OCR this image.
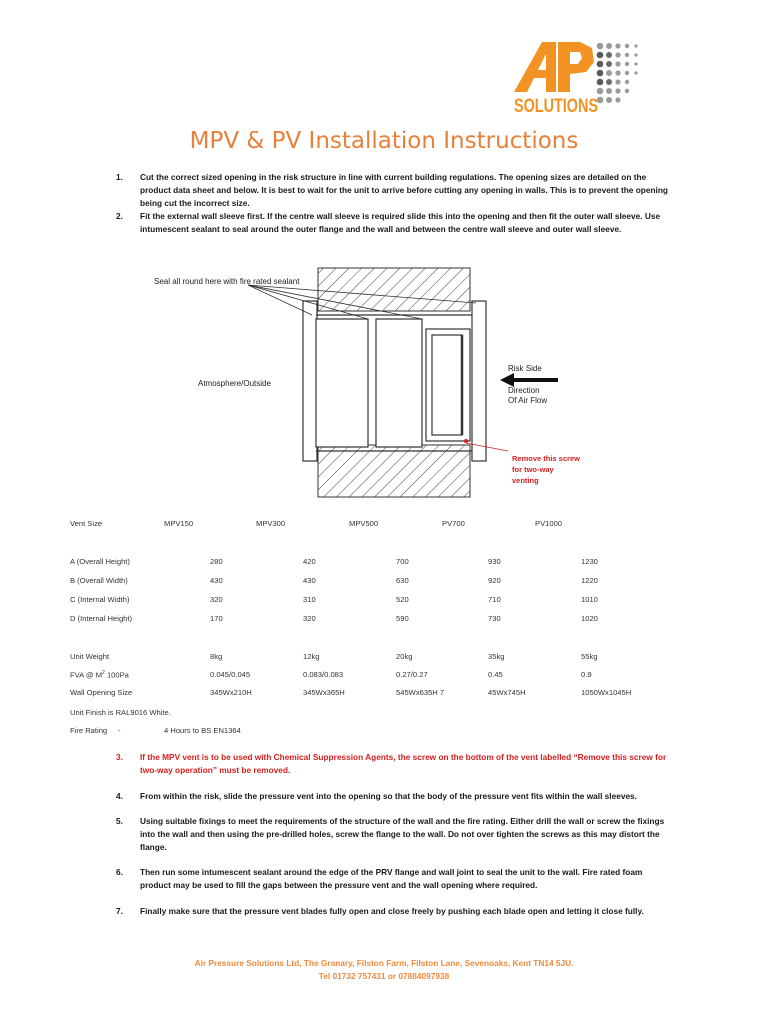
SOLUTIONS
MPV & PV Installation Instructions
1. Cut the correct sized opening in the risk structure in line with current building regulations. The opening sizes are detailed on the product data sheet and below. It is best to wait for the unit to arrive before cutting any opening in walls. This is to prevent the opening being cut the incorrect size.
2. Fit the external wall sleeve first. If the centre wall sleeve is required slide this into the opening and then fit the outer wall sleeve. Use intumescent sealant to seal around the outer flange and the wall and between the centre wall sleeve and outer wall sleeve.
Seal all round here with fire rated sealant
Atmosphere/Outside
Risk Side
Direction
Of Air Flow
Remove this screw
for two-way
venting
Vent Size	MPV150	MPV300	MPV500	PV700	PV1000
A (Overall Height)	280	420	700	930	1230
B (Overall Width)	430	430	630	920	1220
C (Internal Width)	320	310	520	710	1010
D (Internal Height)	170	320	590	730	1020
Unit Weight	8kg	12kg	20kg	35kg	55kg
FVA @ $M^2$ 100Pa	0.045/0.045	0.083/0.083	0.27/0.27	0.45	0.9
Wall Opening Size	345Wx210H	345Wx365H	545Wx635H 7	45Wx745H	1050Wx1045H
Unit Finish is RAL9016 White.
Fire Rating -	4 Hours to BS EN1364
3. If the MPV vent is to be used with Chemical Suppression Agents, the screw on the bottom of the vent labelled “Remove this screw for two-way operation” must be removed.
4. From within the risk, slide the pressure vent into the opening so that the body of the pressure vent fits within the wall sleeves.
5. Using suitable fixings to meet the requirements of the structure of the wall and the fire rating. Either drill the wall or screw the fixings into the wall and then using the pre-drilled holes, screw the flange to the wall. Do not over tighten the screws as this may distort the flange.
6. Then run some intumescent sealant around the edge of the PRV flange and wall joint to seal the unit to the wall. Fire rated foam product may be used to fill the gaps between the pressure vent and the wall opening where required.
7. Finally make sure that the pressure vent blades fully open and close freely by pushing each blade open and letting it close fully.
Air Pressure Solutions Ltd, The Granary, Filston Farm, Filston Lane, Sevenoaks, Kent TN14 5JU.
Tel 01732 757431 or 07884097938
